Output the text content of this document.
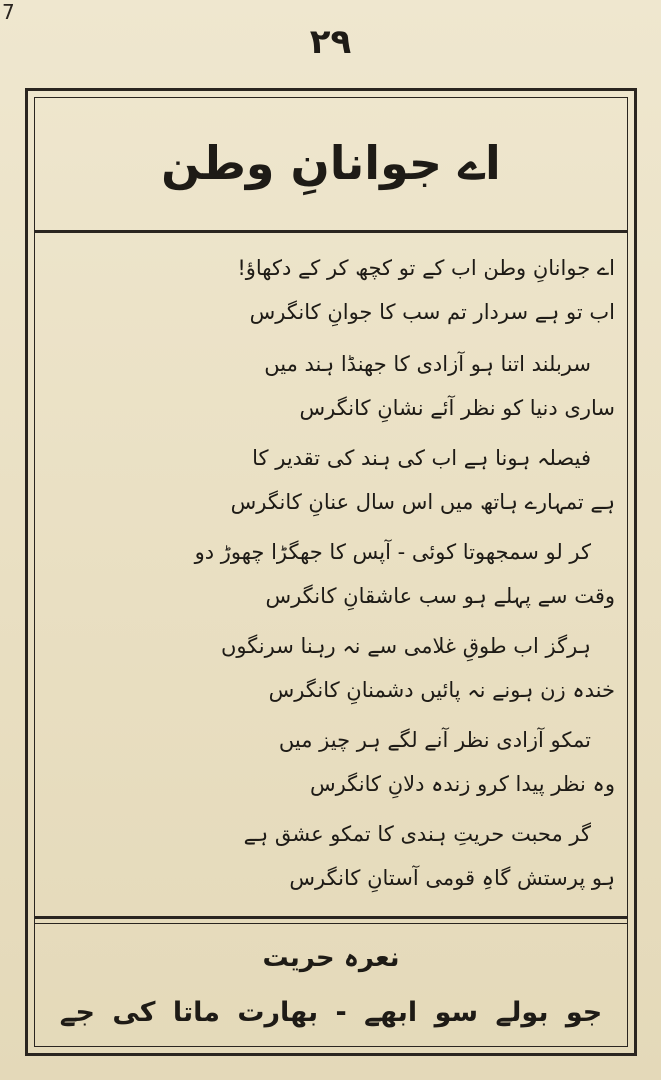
7
۲۹
اے جوانانِ وطن
اے جوانانِ وطن اب کے تو کچھ کر کے دکھاؤ!
اب تو ہے سردار تم سب کا جوانِ کانگرس
سربلند اتنا ہو آزادی کا جھنڈا ہند میں
ساری دنیا کو نظر آئے نشانِ کانگرس
فیصلہ ہونا ہے اب کی ہند کی تقدیر کا
ہے تمہارے ہاتھ میں اس سال عنانِ کانگرس
کر لو سمجھوتا کوئی - آپس کا جھگڑا چھوڑ دو
وقت سے پہلے ہو سب عاشقانِ کانگرس
ہرگز اب طوقِ غلامی سے نہ رہنا سرنگوں
خندہ زن ہونے نہ پائیں دشمنانِ کانگرس
تمکو آزادی نظر آنے لگے ہر چیز میں
وہ نظر پیدا کرو زندہ دلانِ کانگرس
گر محبت حریتِ ہندی کا تمکو عشق ہے
ہو پرستش گاہِ قومی آستانِ کانگرس
نعرہ حریت
جو بولے سو ابھے - بھارت ماتا کی جے
